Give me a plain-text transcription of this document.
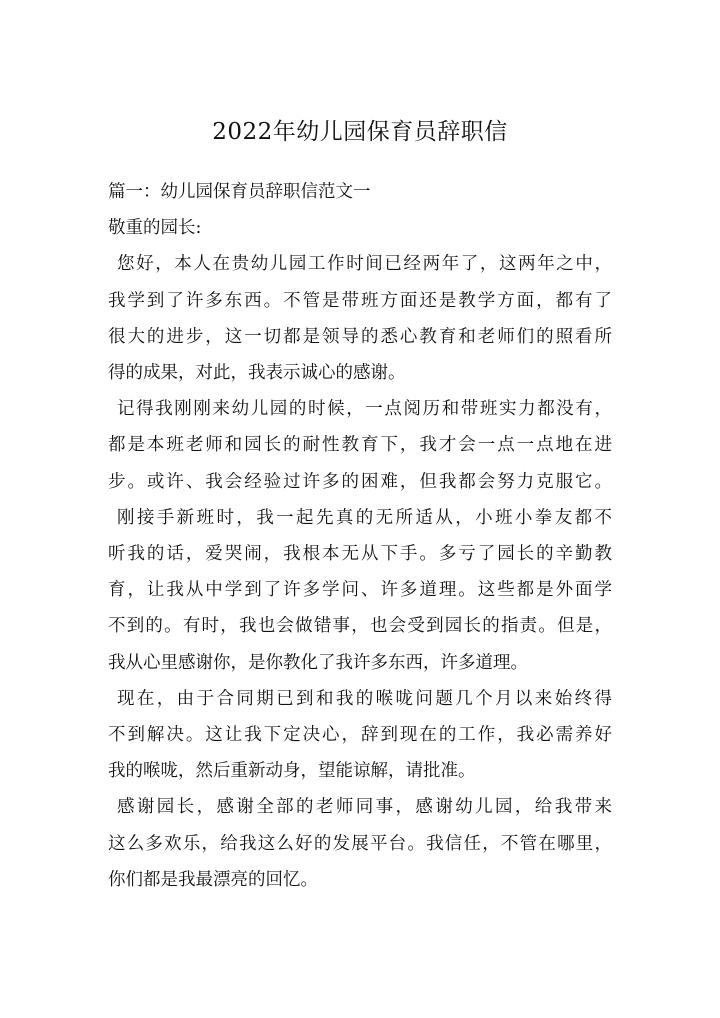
2022年幼儿园保育员辞职信
篇一：幼儿园保育员辞职信范文一
敬重的园长:
您好，本人在贵幼儿园工作时间已经两年了，这两年之中，
我学到了许多东西。不管是带班方面还是教学方面，都有了
很大的进步，这一切都是领导的悉心教育和老师们的照看所
得的成果，对此，我表示诚心的感谢。
记得我刚刚来幼儿园的时候，一点阅历和带班实力都没有，
都是本班老师和园长的耐性教育下，我才会一点一点地在进
步。或许、我会经验过许多的困难，但我都会努力克服它。
刚接手新班时，我一起先真的无所适从，小班小拳友都不
听我的话，爱哭闹，我根本无从下手。多亏了园长的辛勤教
育，让我从中学到了许多学问、许多道理。这些都是外面学
不到的。有时，我也会做错事，也会受到园长的指责。但是，
我从心里感谢你，是你教化了我许多东西，许多道理。
现在，由于合同期已到和我的喉咙问题几个月以来始终得
不到解决。这让我下定决心，辞到现在的工作，我必需养好
我的喉咙，然后重新动身，望能谅解，请批准。
感谢园长，感谢全部的老师同事，感谢幼儿园，给我带来
这么多欢乐，给我这么好的发展平台。我信任，不管在哪里，
你们都是我最漂亮的回忆。
